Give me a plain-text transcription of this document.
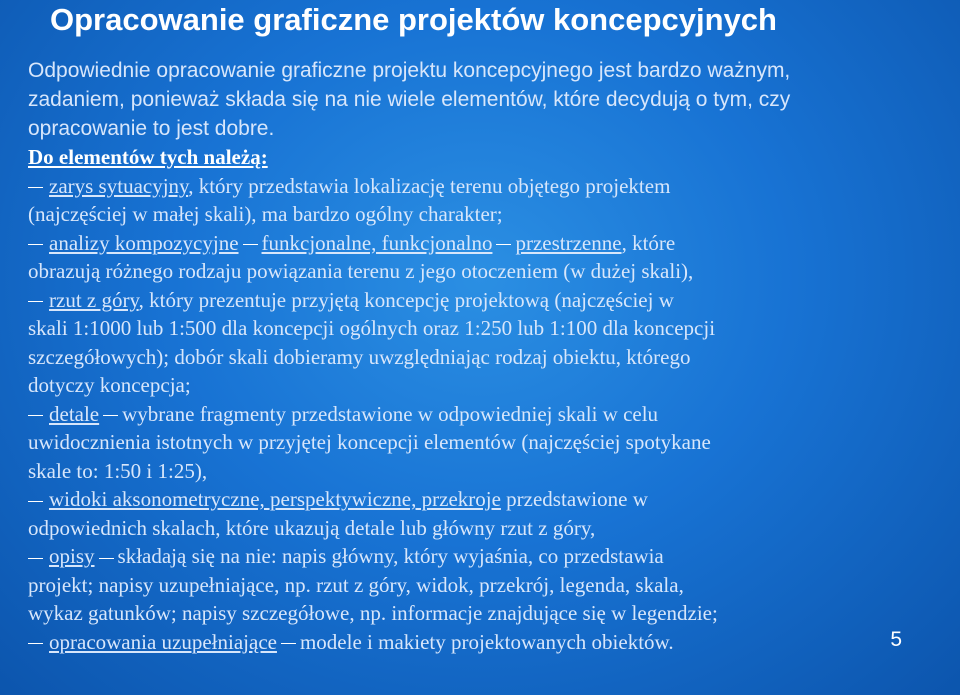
Opracowanie graficzne projektów koncepcyjnych
Odpowiednie opracowanie graficzne projektu koncepcyjnego jest bardzo ważnym,
zadaniem, ponieważ składa się na nie wiele elementów, które decydują o tym, czy
opracowanie to jest dobre.
Do elementów tych należą:
zarys sytuacyjny, który przedstawia lokalizację terenu objętego projektem
(najczęściej w małej skali), ma bardzo ogólny charakter;
analizy kompozycyjne funkcjonalne, funkcjonalno przestrzenne, które
obrazują różnego rodzaju powiązania terenu z jego otoczeniem (w dużej skali),
rzut z góry, który prezentuje przyjętą koncepcję projektową (najczęściej w
skali 1:1000 lub 1:500 dla koncepcji ogólnych oraz 1:250 lub 1:100 dla koncepcji
szczegółowych); dobór skali dobieramy uwzględniając rodzaj obiektu, którego
dotyczy koncepcja;
detale wybrane fragmenty przedstawione w odpowiedniej skali w celu
uwidocznienia istotnych w przyjętej koncepcji elementów (najczęściej spotykane
skale to: 1:50 i 1:25),
widoki aksonometryczne, perspektywiczne, przekroje przedstawione w
odpowiednich skalach, które ukazują detale lub główny rzut z góry,
opisy składają się na nie: napis główny, który wyjaśnia, co przedstawia
projekt; napisy uzupełniające, np. rzut z góry, widok, przekrój, legenda, skala,
wykaz gatunków; napisy szczegółowe, np. informacje znajdujące się w legendzie;
opracowania uzupełniające modele i makiety projektowanych obiektów.	5
